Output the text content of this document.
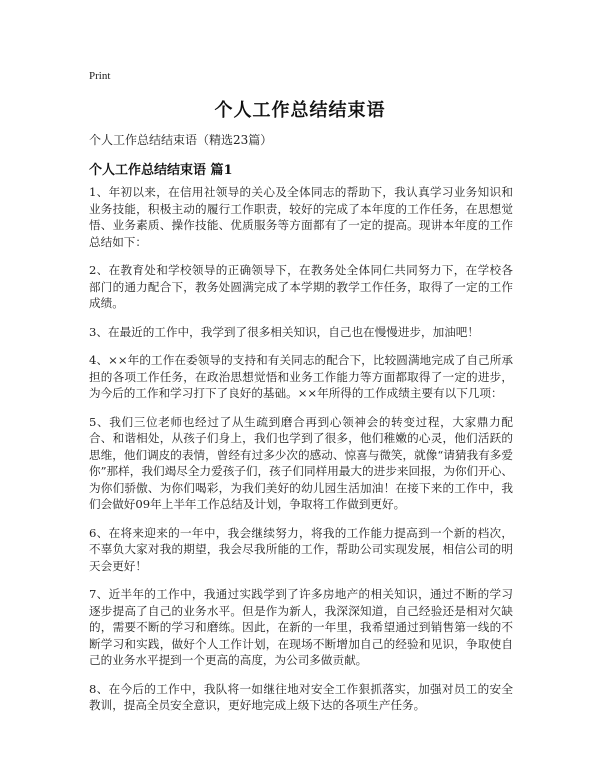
Print
个人工作总结结束语
个人工作总结结束语（精选23篇）
个人工作总结结束语 篇1

1、年初以来，在信用社领导的关心及全体同志的帮助下，我认真学习业务知识和业务技能，积极主动的履行工作职责，较好的完成了本年度的工作任务，在思想觉悟、业务素质、操作技能、优质服务等方面都有了一定的提高。现讲本年度的工作总结如下：

2、在教育处和学校领导的正确领导下，在教务处全体同仁共同努力下，在学校各部门的通力配合下，教务处圆满完成了本学期的教学工作任务，取得了一定的工作成绩。

3、在最近的工作中，我学到了很多相关知识，自己也在慢慢进步，加油吧！

4、××年的工作在委领导的支持和有关同志的配合下，比较圆满地完成了自己所承担的各项工作任务，在政治思想觉悟和业务工作能力等方面都取得了一定的进步，为今后的工作和学习打下了良好的基础。××年所得的工作成绩主要有以下几项：

5、我们三位老师也经过了从生疏到磨合再到心领神会的转变过程，大家鼎力配合、和谐相处，从孩子们身上，我们也学到了很多，他们稚嫩的心灵，他们活跃的思维，他们调皮的表情，曾经有过多少次的感动、惊喜与微笑，就像“请猜我有多爱你”那样，我们竭尽全力爱孩子们，孩子们同样用最大的进步来回报，为你们开心、为你们骄傲、为你们喝彩，为我们美好的幼儿园生活加油！在接下来的工作中，我们会做好09年上半年工作总结及计划，争取将工作做到更好。

6、在将来迎来的一年中，我会继续努力，将我的工作能力提高到一个新的档次，不辜负大家对我的期望，我会尽我所能的工作，帮助公司实现发展，相信公司的明天会更好！

7、近半年的工作中，我通过实践学到了许多房地产的相关知识，通过不断的学习逐步提高了自己的业务水平。但是作为新人，我深深知道，自己经验还是相对欠缺的，需要不断的学习和磨练。因此，在新的一年里，我希望通过到销售第一线的不断学习和实践，做好个人工作计划，在现场不断增加自己的经验和见识，争取使自己的业务水平提到一个更高的高度，为公司多做贡献。

8、在今后的工作中，我队将一如继往地对安全工作狠抓落实，加强对员工的安全教训，提高全员安全意识，更好地完成上级下达的各项生产任务。
